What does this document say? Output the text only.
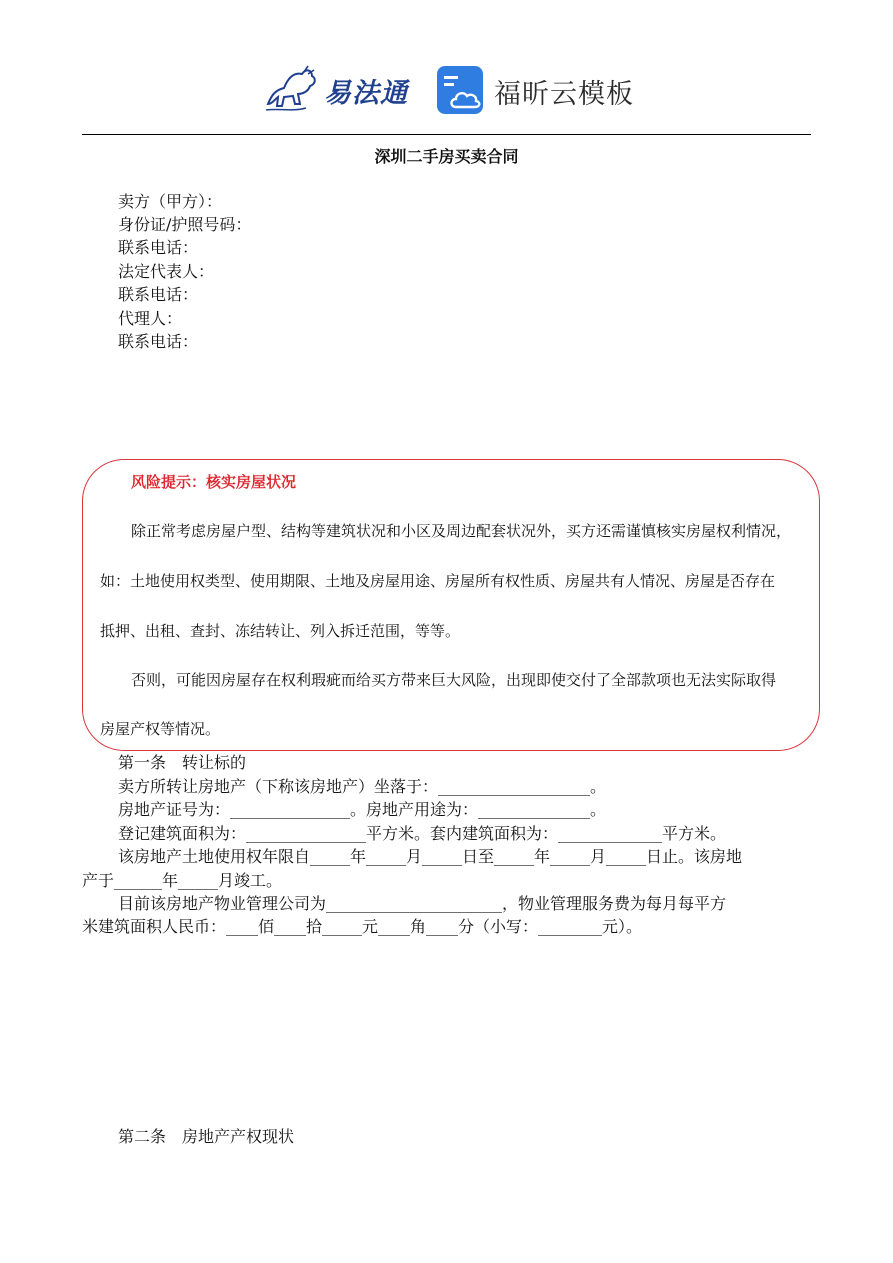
易法通	福昕云模板
深圳二手房买卖合同
卖方（甲方）：
身份证/护照号码：
联系电话：
法定代表人：
联系电话：
代理人：
联系电话：
风险提示：核实房屋状况
除正常考虑房屋户型、结构等建筑状况和小区及周边配套状况外，买方还需谨慎核实房屋权利情况，
如：土地使用权类型、使用期限、土地及房屋用途、房屋所有权性质、房屋共有人情况、房屋是否存在
抵押、出租、查封、冻结转让、列入拆迁范围，等等。
否则，可能因房屋存在权利瑕疵而给买方带来巨大风险，出现即使交付了全部款项也无法实际取得
房屋产权等情况。
第一条　转让标的
卖方所转让房地产（下称该房地产）坐落于：___________________。
房地产证号为：_______________。房地产用途为：______________。
登记建筑面积为：_______________平方米。套内建筑面积为：_____________平方米。
该房地产土地使用权年限自_____年_____月_____日至_____年_____月_____日止。该房地
产于______年_____月竣工。
目前该房地产物业管理公司为______________________，物业管理服务费为每月每平方
米建筑面积人民币：____佰____拾_____元____角____分（小写：________元）。
第二条　房地产产权现状
